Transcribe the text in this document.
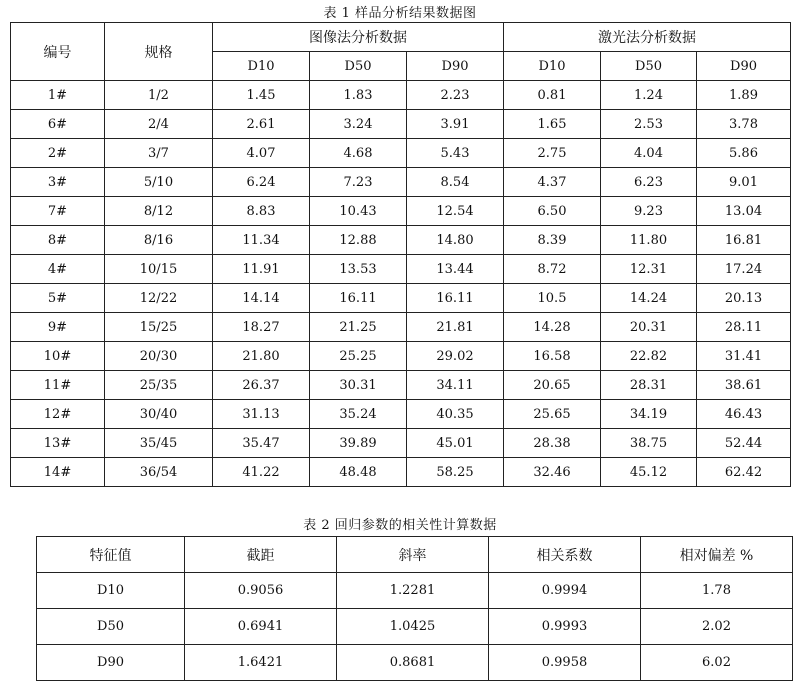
表 1 样品分析结果数据图
编号	规格	图像法分析数据			激光法分析数据		
		D10	D50	D90	D10	D50	D90
1#	1/2	1.45	1.83	2.23	0.81	1.24	1.89
6#	2/4	2.61	3.24	3.91	1.65	2.53	3.78
2#	3/7	4.07	4.68	5.43	2.75	4.04	5.86
3#	5/10	6.24	7.23	8.54	4.37	6.23	9.01
7#	8/12	8.83	10.43	12.54	6.50	9.23	13.04
8#	8/16	11.34	12.88	14.80	8.39	11.80	16.81
4#	10/15	11.91	13.53	13.44	8.72	12.31	17.24
5#	12/22	14.14	16.11	16.11	10.5	14.24	20.13
9#	15/25	18.27	21.25	21.81	14.28	20.31	28.11
10#	20/30	21.80	25.25	29.02	16.58	22.82	31.41
11#	25/35	26.37	30.31	34.11	20.65	28.31	38.61
12#	30/40	31.13	35.24	40.35	25.65	34.19	46.43
13#	35/45	35.47	39.89	45.01	28.38	38.75	52.44
14#	36/54	41.22	48.48	58.25	32.46	45.12	62.42
表 2 回归参数的相关性计算数据
特征值	截距	斜率	相关系数	相对偏差 %
D10	0.9056	1.2281	0.9994	1.78
D50	0.6941	1.0425	0.9993	2.02
D90	1.6421	0.8681	0.9958	6.02
